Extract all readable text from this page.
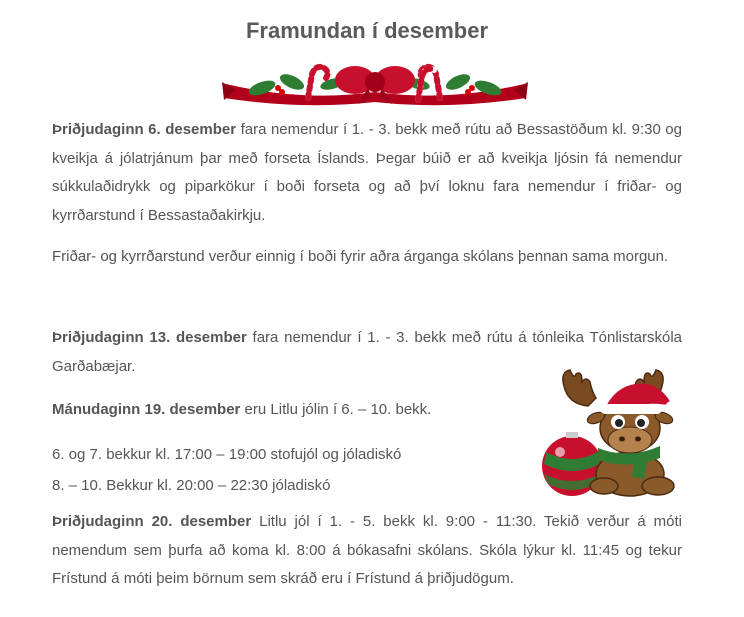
Framundan í desember

Þriðjudaginn 6. desember fara nemendur í 1. - 3. bekk með rútu að Bessastöðum kl. 9:30 og kveikja á jólatrjánum þar með forseta Íslands. Þegar búið er að kveikja ljósin fá nemendur súkkulaðidrykk og piparkökur í boði forseta og að því loknu fara nemendur í friðar- og kyrrðarstund í Bessastaðakirkju.

Friðar- og kyrrðarstund verður einnig í boði fyrir aðra árganga skólans þennan sama morgun.

Þriðjudaginn 13. desember fara nemendur í 1. - 3. bekk með rútu á tónleika Tónlistarskóla Garðabæjar.

Mánudaginn 19. desember eru Litlu jólin í 6. – 10. bekk.

6. og 7. bekkur kl. 17:00 – 19:00 stofujól og jóladiskó

8. – 10. Bekkur kl. 20:00 – 22:30 jóladiskó

Þriðjudaginn 20. desember Litlu jól í 1. - 5. bekk kl. 9:00 - 11:30. Tekið verður á móti nemendum sem þurfa að koma kl. 8:00 á bókasafni skólans. Skóla lýkur kl. 11:45 og tekur Frístund á móti þeim börnum sem skráð eru í Frístund á þriðjudögum.
